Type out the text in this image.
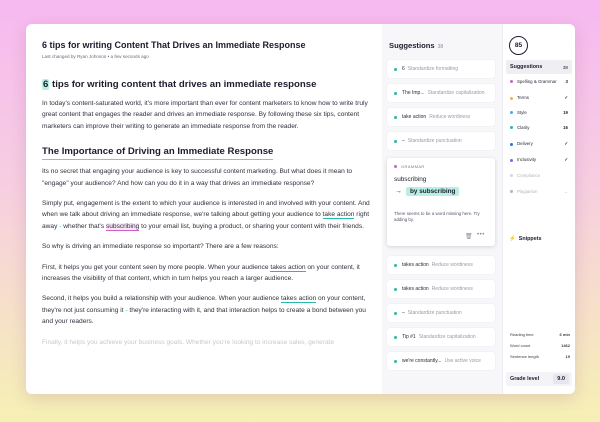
6 tips for writing Content That Drives an Immediate Response
Last changed by Ryan Johnson • a few seconds ago
6 tips for writing content that drives an immediate response

In today's content-saturated world, it's more important than ever for content marketers to know how to write truly great content that engages the reader and drives an immediate response. By following these six tips, content marketers can improve their writing to generate an immediate response from the reader.

The Importance of Driving an Immediate Response

Its no secret that engaging your audience is key to successful content marketing. But what does it mean to "engage" your audience? And how can you do it in a way that drives an immediate response?

Simply put, engagement is the extent to which your audience is interested in and involved with your content. And when we talk about driving an immediate response, we're talking about getting your audience to take action right away - whether that's subscribing to your email list, buying a product, or sharing your content with their friends.

So why is driving an immediate response so important? There are a few reasons:

First, it helps you get your content seen by more people. When your audience takes action on your content, it increases the visibility of that content, which in turn helps you reach a larger audience.

Second, it helps you build a relationship with your audience. When your audience takes action on your content, they're not just consuming it - they're interacting with it, and that interaction helps to create a bond between you and your readers.

Finally, it helps you achieve your business goals. Whether you're looking to increase sales, generate

Suggestions 38
6 Standardize formatting
The Imp... Standardize capitalization
take action Reduce wordiness
– Standardize punctuation
GRAMMAR
subscribing
→	by subscribing
There seems to be a word missing here. Try adding by.
🗑 •••
takes action Reduce wordiness
takes action Reduce wordiness
– Standardize punctuation
Tip #1 Standardize capitalization
we're constantly... Use active voice
85
Suggestions	38
Spelling & Grammar	3
Terms	✓
Style	19
Clarity	16
Delivery	✓
Inclusivity	✓
Compliance
Plagiarism	→
⚡ Snippets
Reading time	6 min
Word count	1462
Sentence length	19
Grade level	9.0
